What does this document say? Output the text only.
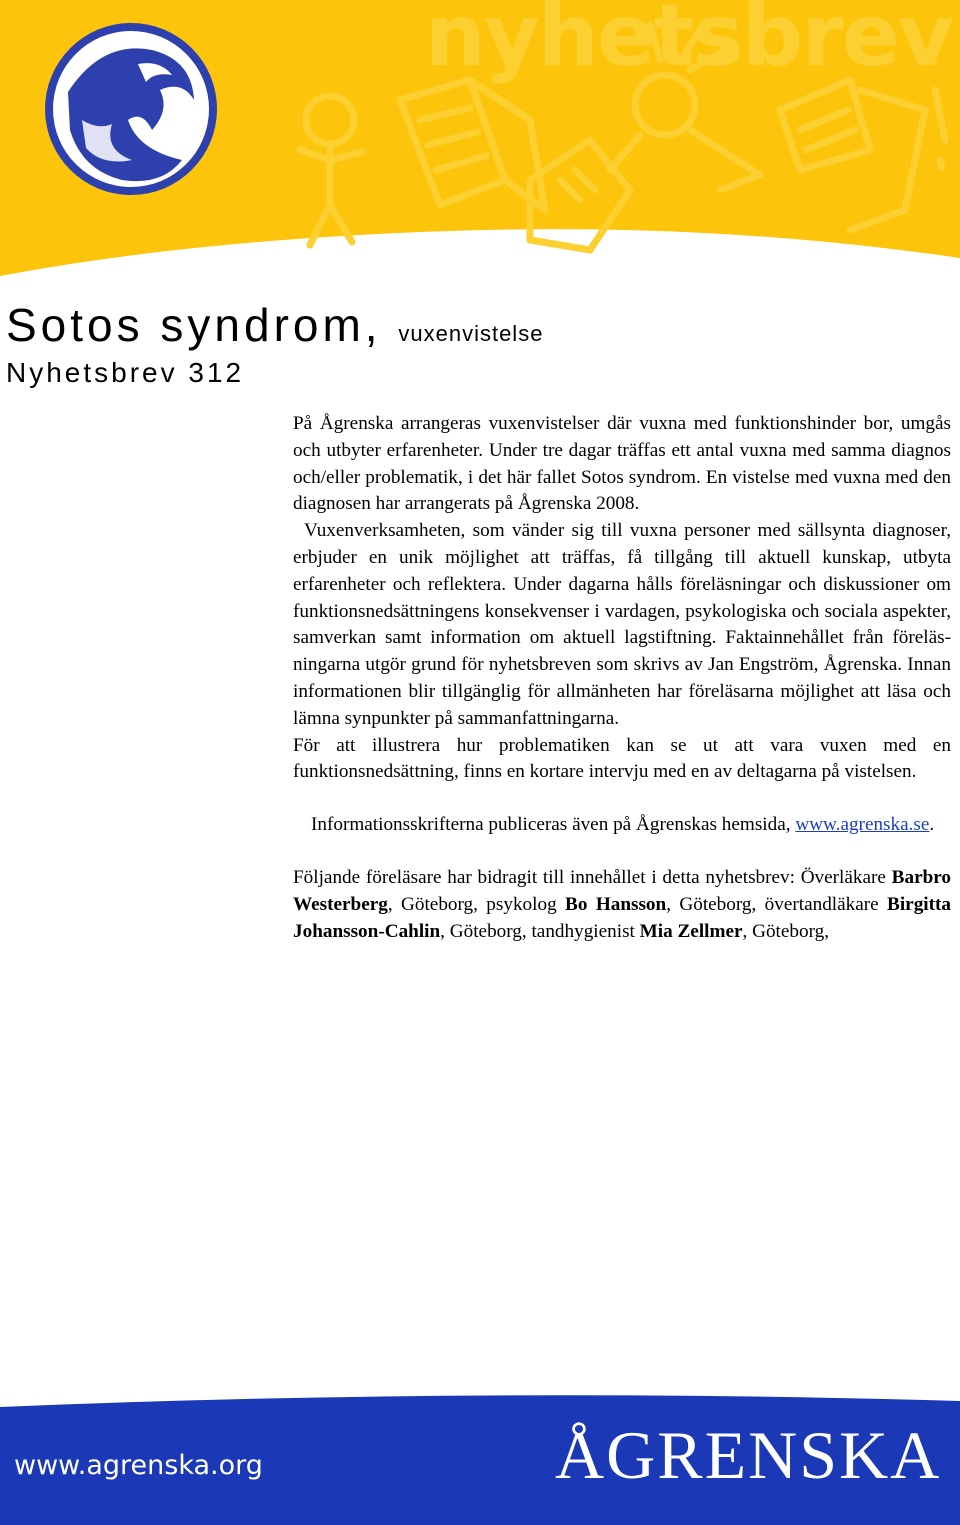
nyhetsbrev
Sotos syndrom, vuxenvistelse
Nyhetsbrev 312

På Ågrenska arrangeras vuxenvistelser där vuxna med funktionshinder bor, umgås och utbyter erfarenheter. Under tre dagar träffas ett antal vuxna med samma diagnos och/eller problematik, i det här fallet Sotos syndrom. En vistelse med vuxna med den diagnosen har arrangerats på Ågrenska 2008.

Vuxenverksamheten, som vänder sig till vuxna personer med sällsynta diagnoser, erbjuder en unik möjlighet att träffas, få tillgång till aktuell kunskap, utbyta erfarenheter och reflektera. Under dagarna hålls föreläsningar och diskussioner om funktionsnedsättningens konsekvenser i vardagen, psykologiska och sociala aspekter, samverkan samt information om aktuell lagstiftning. Faktainnehållet från föreläsningarna utgör grund för nyhetsbreven som skrivs av Jan Engström, Ågrenska. Innan informationen blir tillgänglig för allmänheten har föreläsarna möjlighet att läsa och lämna synpunkter på sammanfattningarna.

För att illustrera hur problematiken kan se ut att vara vuxen med en funktionsnedsättning, finns en kortare intervju med en av deltagarna på vistelsen.

Informationsskrifterna publiceras även på Ågrenskas hemsida, www.agrenska.se.

Följande föreläsare har bidragit till innehållet i detta nyhetsbrev: Överläkare Barbro Westerberg, Göteborg, psykolog Bo Hansson, Göteborg, övertandläkare Birgitta Johansson-Cahlin, Göteborg, tandhygienist Mia Zellmer, Göteborg,

www.agrenska.org	ÅGRENSKA
